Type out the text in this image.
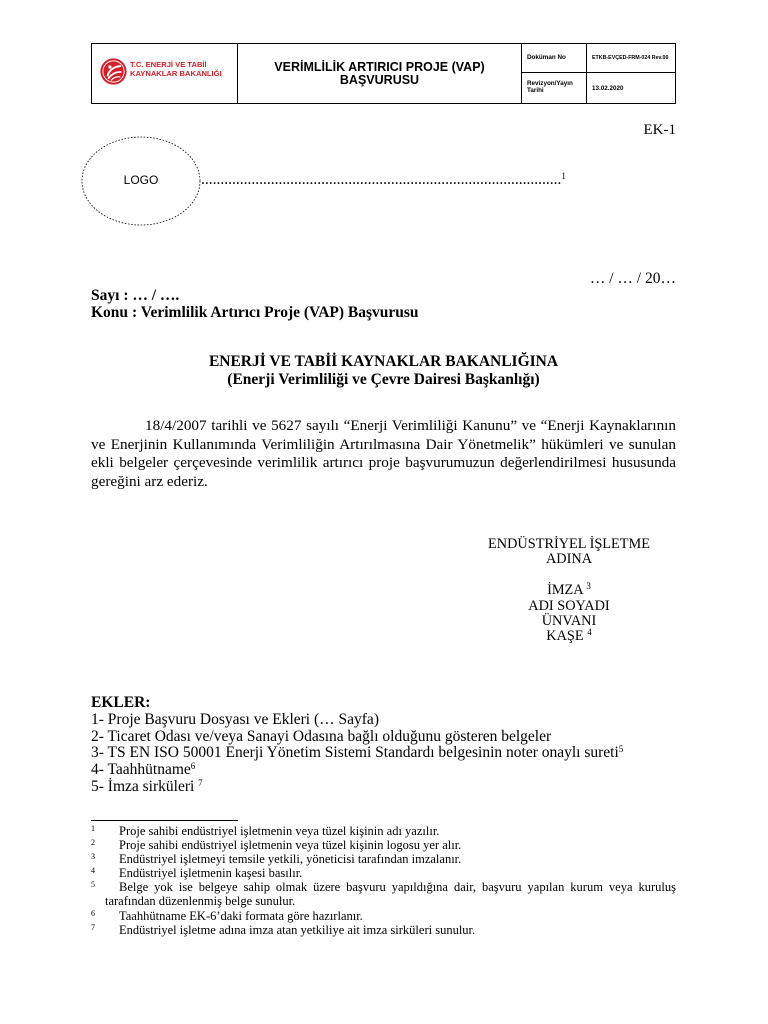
T.C. ENERJİ VE TABİİ
KAYNAKLAR BAKANLIĞI	VERİMLİLİK ARTIRICI PROJE (VAP)
BAŞVURUSU
Doküman No	ETKB-EVÇED-FRM-024 Rev.00
Revizyon/Yayın Tarihi	13.02.2020
EK-1
LOGO	.............................................................................................$^1$
… / … / 20…
Sayı : … / ….
Konu : Verimlilik Artırıcı Proje (VAP) Başvurusu
ENERJİ VE TABİİ KAYNAKLAR BAKANLIĞINA
(Enerji Verimliliği ve Çevre Dairesi Başkanlığı)
18/4/2007 tarihli ve 5627 sayılı “Enerji Verimliliği Kanunu” ve “Enerji Kaynaklarının
ve Enerjinin Kullanımında Verimliliğin Artırılmasına Dair Yönetmelik” hükümleri ve sunulan
ekli belgeler çerçevesinde verimlilik artırıcı proje başvurumuzun değerlendirilmesi hususunda
gereğini arz ederiz.
ENDÜSTRİYEL İŞLETME
ADINA
İMZA $^3$
ADI SOYADI
ÜNVANI
KAŞE $^4$
EKLER:
1- Proje Başvuru Dosyası ve Ekleri (… Sayfa)
2- Ticaret Odası ve/veya Sanayi Odasına bağlı olduğunu gösteren belgeler
3- TS EN ISO 50001 Enerji Yönetim Sistemi Standardı belgesinin noter onaylı sureti$^5$
4- Taahhütname$^6$
5- İmza sirküleri $^7$
1 Proje sahibi endüstriyel işletmenin veya tüzel kişinin adı yazılır.
2 Proje sahibi endüstriyel işletmenin veya tüzel kişinin logosu yer alır.
3 Endüstriyel işletmeyi temsile yetkili, yöneticisi tarafından imzalanır.
4 Endüstriyel işletmenin kaşesi basılır.
5 Belge yok ise belgeye sahip olmak üzere başvuru yapıldığına dair, başvuru yapılan kurum veya kuruluş tarafından düzenlenmiş belge sunulur.
6 Taahhütname EK-6’daki formata göre hazırlanır.
7 Endüstriyel işletme adına imza atan yetkiliye ait imza sirküleri sunulur.
